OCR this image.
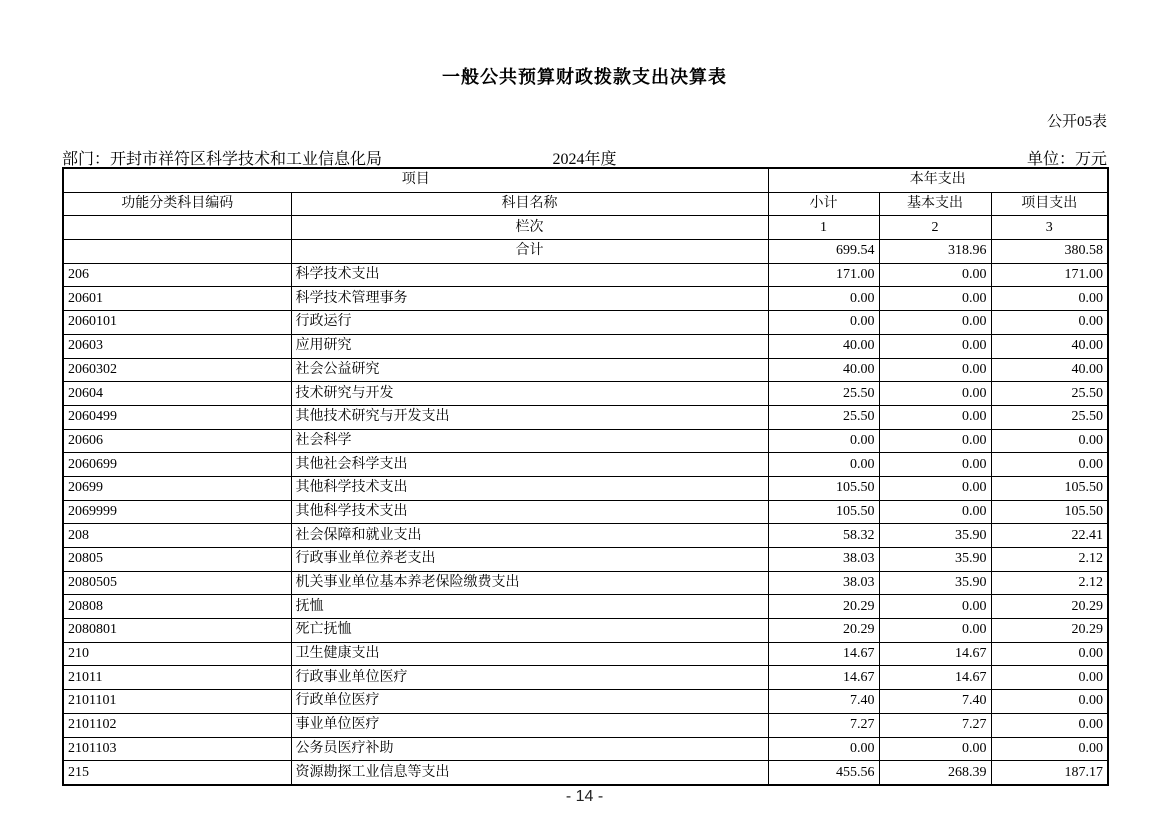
一般公共预算财政拨款支出决算表
公开05表
部门：开封市祥符区科学技术和工业信息化局	2024年度	单位：万元
项目		本年支出		
功能分类科目编码	科目名称	小计	基本支出	项目支出
	栏次	1	2	3
	合计	699.54	318.96	380.58
206	科学技术支出	171.00	0.00	171.00
20601	科学技术管理事务	0.00	0.00	0.00
2060101	行政运行	0.00	0.00	0.00
20603	应用研究	40.00	0.00	40.00
2060302	社会公益研究	40.00	0.00	40.00
20604	技术研究与开发	25.50	0.00	25.50
2060499	其他技术研究与开发支出	25.50	0.00	25.50
20606	社会科学	0.00	0.00	0.00
2060699	其他社会科学支出	0.00	0.00	0.00
20699	其他科学技术支出	105.50	0.00	105.50
2069999	其他科学技术支出	105.50	0.00	105.50
208	社会保障和就业支出	58.32	35.90	22.41
20805	行政事业单位养老支出	38.03	35.90	2.12
2080505	机关事业单位基本养老保险缴费支出	38.03	35.90	2.12
20808	抚恤	20.29	0.00	20.29
2080801	死亡抚恤	20.29	0.00	20.29
210	卫生健康支出	14.67	14.67	0.00
21011	行政事业单位医疗	14.67	14.67	0.00
2101101	行政单位医疗	7.40	7.40	0.00
2101102	事业单位医疗	7.27	7.27	0.00
2101103	公务员医疗补助	0.00	0.00	0.00
215	资源勘探工业信息等支出	455.56	268.39	187.17
- 14 -
